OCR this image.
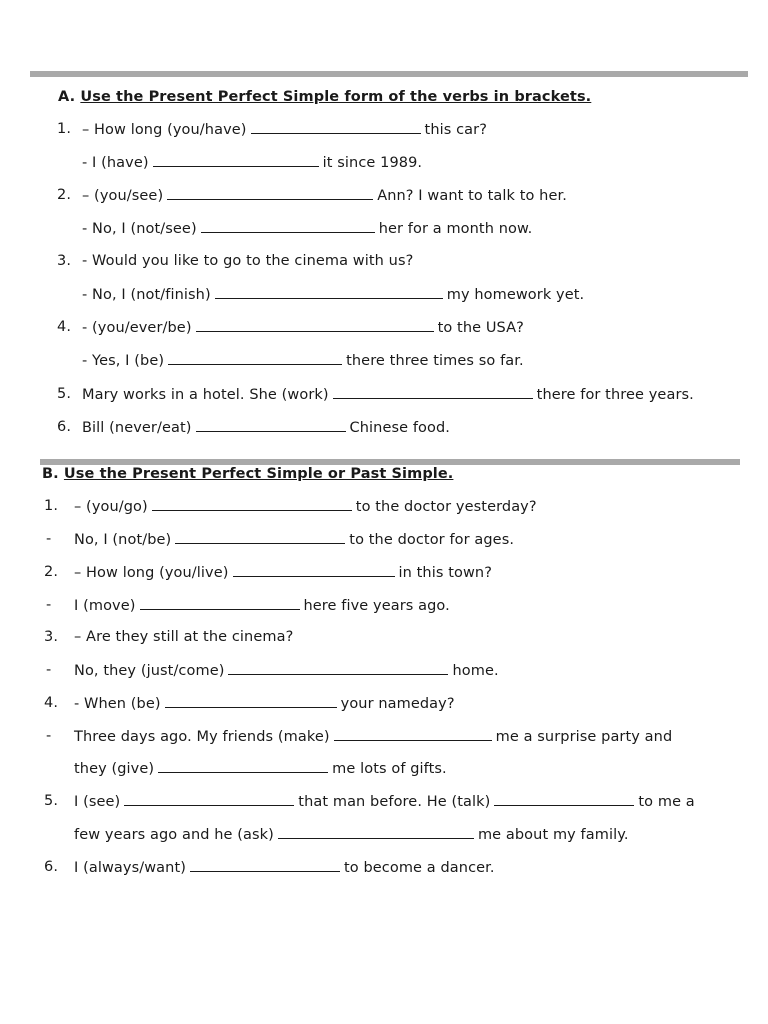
A. Use the Present Perfect Simple form of the verbs in brackets.
1. – How long (you/have)	this car?
- I (have)	it since 1989.
2. – (you/see)	Ann? I want to talk to her.
- No, I (not/see)	her for a month now.
3. - Would you like to go to the cinema with us?
- No, I (not/finish)	my homework yet.
4. - (you/ever/be)	to the USA?
- Yes, I (be)	there three times so far.
5. Mary works in a hotel. She (work)	there for three years.
6. Bill (never/eat)	Chinese food.
B. Use the Present Perfect Simple or Past Simple.
1. – (you/go)	to the doctor yesterday?
- No, I (not/be)	to the doctor for ages.
2. – How long (you/live)	in this town?
- I (move)	here five years ago.
3. – Are they still at the cinema?
- No, they (just/come)	home.
4. - When (be)	your nameday?
- Three days ago. My friends (make)	me a surprise party and
they (give)	me lots of gifts.
5. I (see)	that man before. He (talk)	to me a
few years ago and he (ask)	me about my family.
6. I (always/want)	to become a dancer.
